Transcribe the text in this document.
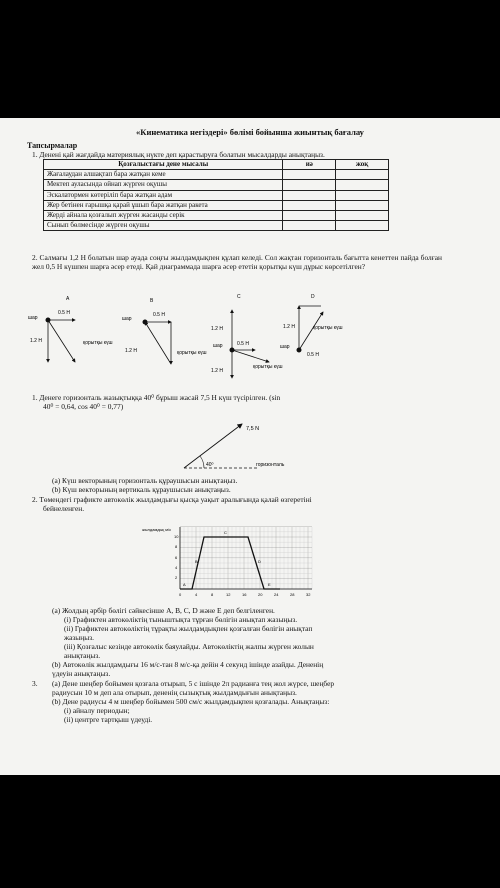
«Кинематика негіздері» бөлімі бойынша жиынтық бағалау
Тапсырмалар
1. Денені қай жағдайда материялық нүкте деп қарастыруға болатын мысалдарды анықтаңыз.
Қозғалыстағы дене мысалы	иә	жоқ
Жағалаудан алшақтап бара жатқан кеме		
Мектеп ауласында ойнап жүрген оқушы		
Эскалатормен көтеріліп бара жатқан адам		
Жер бетінен ғарышқа қарай ұшып бара жатқан ракета		
Жерді айнала қозғалып жүрген жасанды серік		
Сынып бөлмесінде жүрген оқушы		
2. Салмағы 1,2 Н болатын шар ауада соңғы жылдамдықпен құлап келеді. Сол жақтан горизонталь бағытта кенеттен пайда болған жел 0,5 Н күшпен шарға әсер етеді. Қай диаграммада шарға әсер ететін қорытқы күш дұрыс көрсетілген?
A
шар
0.5 Н
1.2 Н	қорытқы күш
B
шар
0.5 Н
1.2 Н	қорытқы күш
C
шар	0.5 Н
1.2 Н
1.2 Н
қорытқы күш
D
шар
0.5 Н
1.2 Н	қорытқы күш
1. Денеге горизонталь жазықтыққа 40⁰ бұрыш жасай 7,5 Н күш түсірілген. (sin
40⁰ = 0,64, cos 40⁰ = 0,77)
7,5 N
40⁰	горизонталь
(a) Күш векторының горизонталь құраушысын анықтаңыз.
(b) Күш векторының вертикаль құраушысын анықтаңыз.
2. Төмендегі графикте автокөлік жылдамдығы қысқа уақыт аралығында қалай өзгеретіні
бейнеленген.
жылдамдық м/с
10
8
6
4
2
0	4	8	12	16	20	24	28	32
A
B
C
D
E
(a) Жолдың әрбір бөлігі сәйкесінше A, B, C, D және E деп белгіленген.
(i) Графиктен автокөліктің тыныштықта тұрған бөлігін анықтап жазыңыз.
(ii) Графиктен автокөліктің тұрақты жылдамдықпен қозғалған бөлігін анықтап
жазыңыз.
(iii) Қозғалыс кезінде автокөлік баяулайды. Автокөліктің жалпы жүрген жолын
анықтаңыз.
(b) Автокөлік жылдамдығы 16 м/с-тан 8 м/с-қа дейін 4 секунд ішінде азайды. Дененің
үдеуін анықтаңыз.
3. (a) Дене шеңбер бойымен қозғала отырып, 5 с ішінде 2π радианға тең жол жүрсе, шеңбер
радиусын 10 м деп ала отырып, дененің сызықтық жылдамдығын анықтаңыз.
(b) Дене радиусы 4 м шеңбер бойымен 500 см/с жылдамдықпен қозғалады. Анықтаңыз:
(i) айналу периодын;
(ii) центрге тартқыш үдеуді.
